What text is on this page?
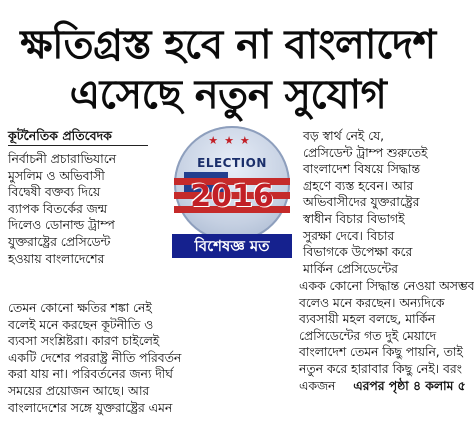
ক্ষতিগ্রস্ত হবে না বাংলাদেশ
এসেছে নতুন সুযোগ
কূটনৈতিক প্রতিবেদক	★★★
ELECTION
2016
বিশেষজ্ঞ মত
নির্বাচনী প্রচারাভিযানে
মুসলিম ও অভিবাসী
বিদ্বেষী বক্তব্য দিয়ে
ব্যাপক বিতর্কের জন্ম
দিলেও ডোনাল্ড ট্রাম্প
যুক্তরাষ্ট্রের প্রেসিডেন্ট
হওয়ায় বাংলাদেশের
তেমন কোনো ক্ষতির শঙ্কা নেই
বলেই মনে করছেন কূটনীতি ও
ব্যবসা সংশ্লিষ্টরা। কারণ চাইলেই
একটি দেশের পররাষ্ট্র নীতি পরিবর্তন
করা যায় না। পরিবর্তনের জন্য দীর্ঘ
সময়ের প্রয়োজন আছে। আর
বাংলাদেশের সঙ্গে যুক্তরাষ্ট্রের এমন
বড় স্বার্থ নেই যে,
প্রেসিডেন্ট ট্রাম্প শুরুতেই
বাংলাদেশ বিষয়ে সিদ্ধান্ত
গ্রহণে ব্যস্ত হবেন। আর
অভিবাসীদের যুক্তরাষ্ট্রের
স্বাধীন বিচার বিভাগই
সুরক্ষা দেবে। বিচার
বিভাগকে উপেক্ষা করে
মার্কিন প্রেসিডেন্টের
একক কোনো সিদ্ধান্ত নেওয়া অসম্ভব
বলেও মনে করছেন। অন্যদিকে
ব্যবসায়ী মহল বলছে, মার্কিন
প্রেসিডেন্টের গত দুই মেয়াদে
বাংলাদেশ তেমন কিছু পায়নি, তাই
নতুন করে হারাবার কিছু নেই। বরং
একজন এরপর পৃষ্ঠা ৪ কলাম ৫
